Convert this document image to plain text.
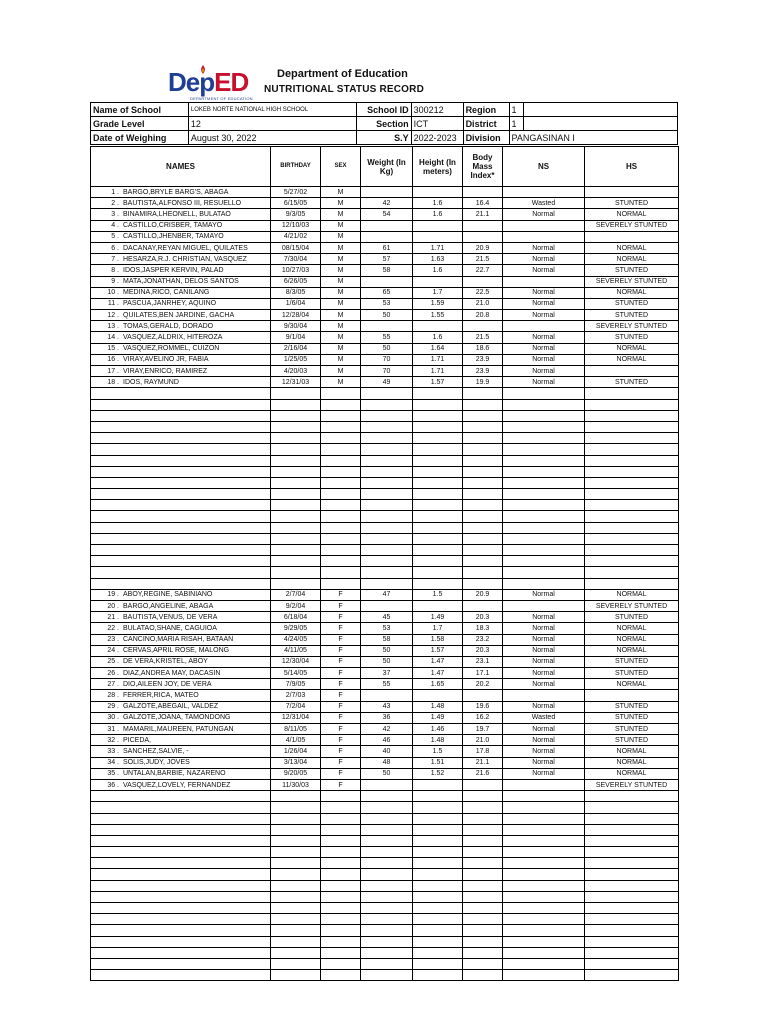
DepED
DEPARTMENT OF EDUCATION
Department of Education
NUTRITIONAL STATUS RECORD
Name of School	LOKEB NORTE NATIONAL HIGH SCHOOL	School ID	300212	Region	1	
Grade Level	12	Section	ICT	District	1	
Date of Weighing	August 30, 2022	S.Y	2022-2023	Division	PANGASINAN I	
NAMES	BIRTHDAY	SEX	Weight (In Kg)	Height (In meters)	Body Mass Index*	NS	HS
1 . BARGO,BRYLE BARG'S, ABAGA	5/27/02	M					
2 . BAUTISTA,ALFONSO III, RESUELLO	6/15/05	M	42	1.6	16.4	Wasted	STUNTED
3 . BINAMIRA,LHEONELL, BULATAO	9/3/05	M	54	1.6	21.1	Normal	NORMAL
4 . CASTILLO,CRISBER, TAMAYO	12/10/03	M					SEVERELY STUNTED
5 . CASTILLO,JHENBER, TAMAYO	4/21/02	M					
6 . DACANAY,REYAN MIGUEL, QUILATES	08/15/04	M	61	1.71	20.9	Normal	NORMAL
7 . HESARZA,R.J. CHRISTIAN, VASQUEZ	7/30/04	M	57	1.63	21.5	Normal	NORMAL
8 . IDOS,JASPER KERVIN, PALAD	10/27/03	M	58	1.6	22.7	Normal	STUNTED
9 . MATA,JONATHAN, DELOS SANTOS	6/26/05	M					SEVERELY STUNTED
10 . MEDINA,RICO, CANILANG	8/3/05	M	65	1.7	22.5	Normal	NORMAL
11 . PASCUA,JANRHEY, AQUINO	1/6/04	M	53	1.59	21.0	Normal	STUNTED
12 . QUILATES,BEN JARDINE, GACHA	12/28/04	M	50	1.55	20.8	Normal	STUNTED
13 . TOMAS,GERALD, DORADO	9/30/04	M					SEVERELY STUNTED
14 . VASQUEZ,ALDRIX, HITEROZA	9/1/04	M	55	1.6	21.5	Normal	STUNTED
15 . VASQUEZ,ROMMEL, CUIZON	2/16/04	M	50	1.64	18.6	Normal	NORMAL
16 . VIRAY,AVELINO JR, FABIA	1/25/05	M	70	1.71	23.9	Normal	NORMAL
17 . VIRAY,ENRICO, RAMIREZ	4/20/03	M	70	1.71	23.9	Normal	
18 . IDOS, RAYMUND	12/31/03	M	49	1.57	19.9	Normal	STUNTED

19 . ABOY,REGINE, SABINIANO	2/7/04	F	47	1.5	20.9	Normal	NORMAL
20 . BARGO,ANGELINE, ABAGA	9/2/04	F					SEVERELY STUNTED
21 . BAUTISTA,VENUS, DE VERA	6/18/04	F	45	1.49	20.3	Normal	STUNTED
22 . BULATAO,SHANE, CAGUIOA	9/29/05	F	53	1.7	18.3	Normal	NORMAL
23 . CANCINO,MARIA RISAH, BATAAN	4/24/05	F	58	1.58	23.2	Normal	NORMAL
24 . CERVAS,APRIL ROSE, MALONG	4/11/05	F	50	1.57	20.3	Normal	NORMAL
25 . DE VERA,KRISTEL, ABOY	12/30/04	F	50	1.47	23.1	Normal	STUNTED
26 . DIAZ,ANDREA MAY, DACASIN	5/14/05	F	37	1.47	17.1	Normal	STUNTED
27 . DIO,AILEEN JOY, DE VERA	7/9/05	F	55	1.65	20.2	Normal	NORMAL
28 . FERRER,RICA, MATEO	2/7/03	F					
29 . GALZOTE,ABEGAIL, VALDEZ	7/2/04	F	43	1.48	19.6	Normal	STUNTED
30 . GALZOTE,JOANA, TAMONDONG	12/31/04	F	36	1.49	16.2	Wasted	STUNTED
31 . MAMARIL,MAUREEN, PATUNGAN	8/11/05	F	42	1.46	19.7	Normal	STUNTED
32 . PICEDA,	4/1/05	F	46	1.48	21.0	Normal	STUNTED
33 . SANCHEZ,SALVIE, -	1/26/04	F	40	1.5	17.8	Normal	NORMAL
34 . SOLIS,JUDY, JOVES	3/13/04	F	48	1.51	21.1	Normal	NORMAL
35 . UNTALAN,BARBIE, NAZARENO	9/20/05	F	50	1.52	21.6	Normal	NORMAL
36 . VASQUEZ,LOVELY, FERNANDEZ	11/30/03	F					SEVERELY STUNTED
